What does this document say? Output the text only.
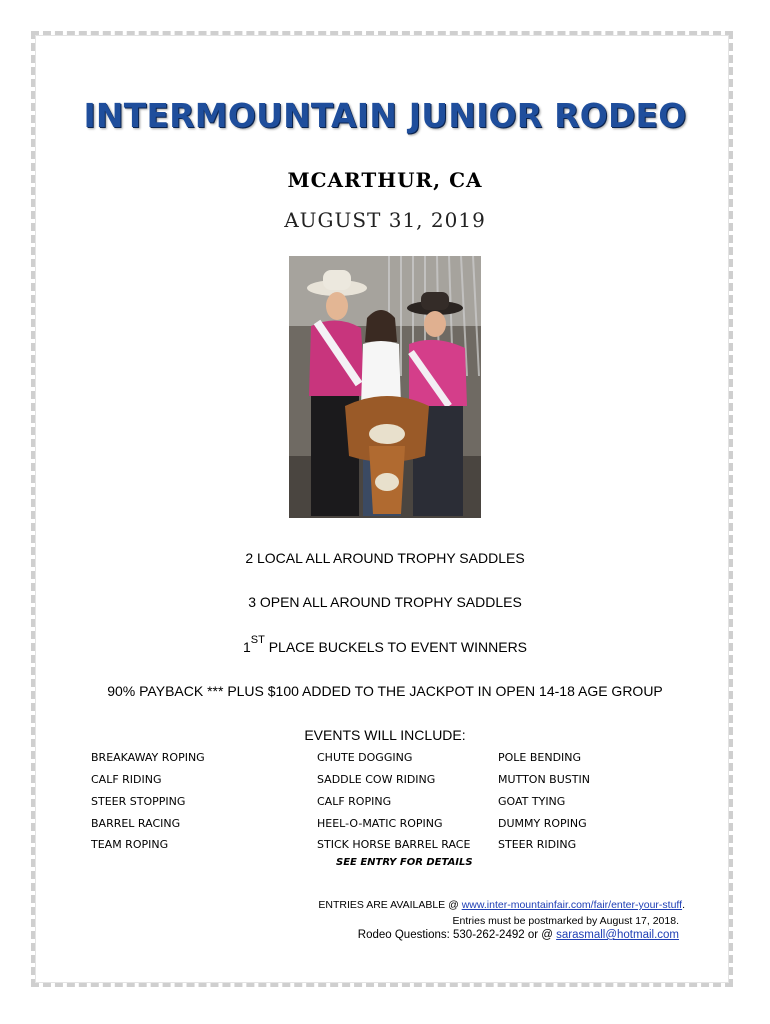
INTERMOUNTAIN JUNIOR RODEO
MCARTHUR, CA
AUGUST 31, 2019
2 LOCAL ALL AROUND TROPHY SADDLES
3 OPEN ALL AROUND TROPHY SADDLES
1ST PLACE BUCKELS TO EVENT WINNERS
90% PAYBACK *** PLUS $100 ADDED TO THE JACKPOT IN OPEN 14-18 AGE GROUP
EVENTS WILL INCLUDE:
BREAKAWAY ROPING
CALF RIDING
STEER STOPPING
BARREL RACING
TEAM ROPING
CHUTE DOGGING
SADDLE COW RIDING
CALF ROPING
HEEL-O-MATIC ROPING
STICK HORSE BARREL RACE
POLE BENDING
MUTTON BUSTIN
GOAT TYING
DUMMY ROPING
STEER RIDING
SEE ENTRY FOR DETAILS
ENTRIES ARE AVAILABLE @ www.inter-mountainfair.com/fair/enter-your-stuff.
Entries must be postmarked by August 17, 2018.
Rodeo Questions: 530-262-2492 or @ sarasmall@hotmail.com
